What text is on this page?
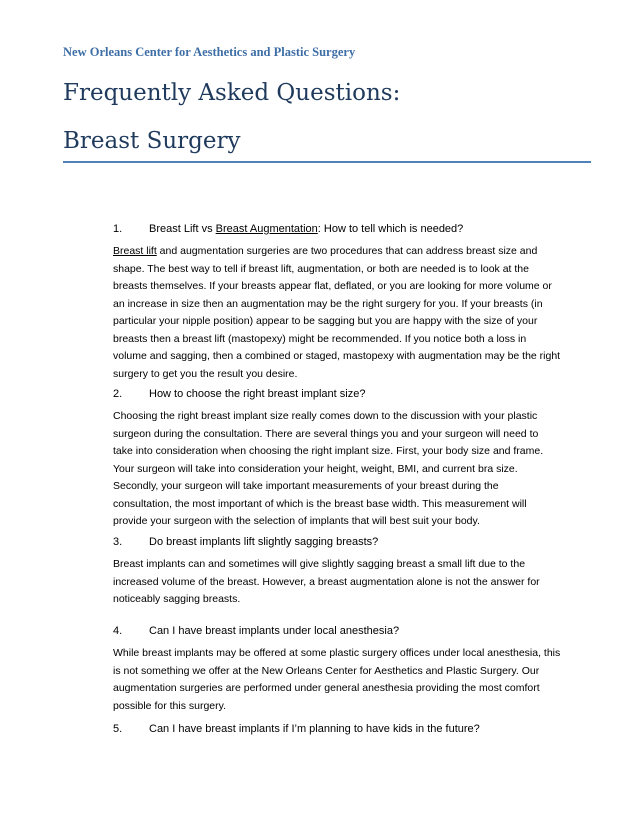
New Orleans Center for Aesthetics and Plastic Surgery
Frequently Asked Questions:
Breast Surgery
1. Breast Lift vs Breast Augmentation: How to tell which is needed?
Breast lift and augmentation surgeries are two procedures that can address breast size and
shape. The best way to tell if breast lift, augmentation, or both are needed is to look at the
breasts themselves. If your breasts appear flat, deflated, or you are looking for more volume or
an increase in size then an augmentation may be the right surgery for you. If your breasts (in
particular your nipple position) appear to be sagging but you are happy with the size of your
breasts then a breast lift (mastopexy) might be recommended. If you notice both a loss in
volume and sagging, then a combined or staged, mastopexy with augmentation may be the right
surgery to get you the result you desire.
2. How to choose the right breast implant size?
Choosing the right breast implant size really comes down to the discussion with your plastic
surgeon during the consultation. There are several things you and your surgeon will need to
take into consideration when choosing the right implant size. First, your body size and frame.
Your surgeon will take into consideration your height, weight, BMI, and current bra size.
Secondly, your surgeon will take important measurements of your breast during the
consultation, the most important of which is the breast base width. This measurement will
provide your surgeon with the selection of implants that will best suit your body.
3. Do breast implants lift slightly sagging breasts?
Breast implants can and sometimes will give slightly sagging breast a small lift due to the
increased volume of the breast. However, a breast augmentation alone is not the answer for
noticeably sagging breasts.
4. Can I have breast implants under local anesthesia?
While breast implants may be offered at some plastic surgery offices under local anesthesia, this
is not something we offer at the New Orleans Center for Aesthetics and Plastic Surgery. Our
augmentation surgeries are performed under general anesthesia providing the most comfort
possible for this surgery.
5. Can I have breast implants if I’m planning to have kids in the future?
